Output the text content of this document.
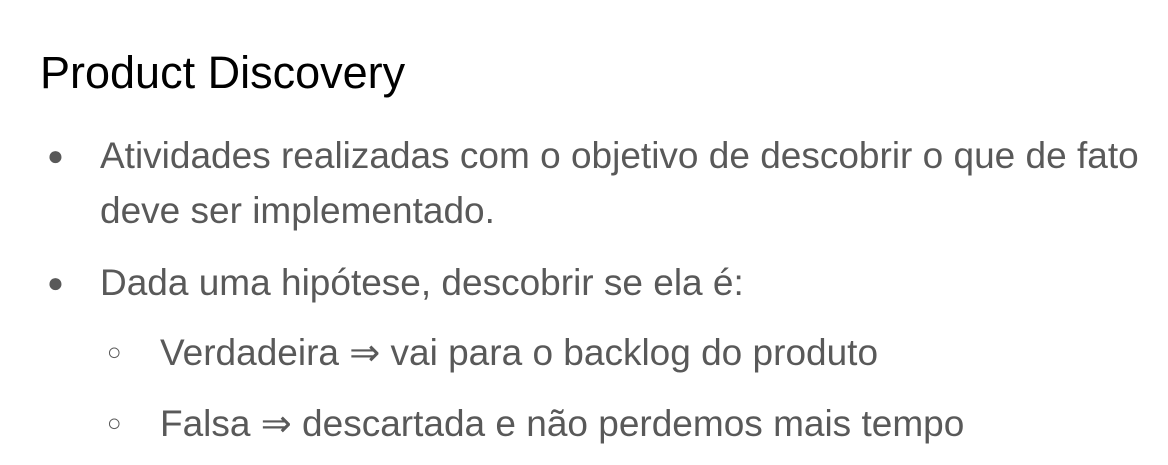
Product Discovery
● Atividades realizadas com o objetivo de descobrir o que de fato deve ser implementado.
● Dada uma hipótese, descobrir se ela é:
○ Verdadeira ⇒ vai para o backlog do produto
○ Falsa ⇒ descartada e não perdemos mais tempo
